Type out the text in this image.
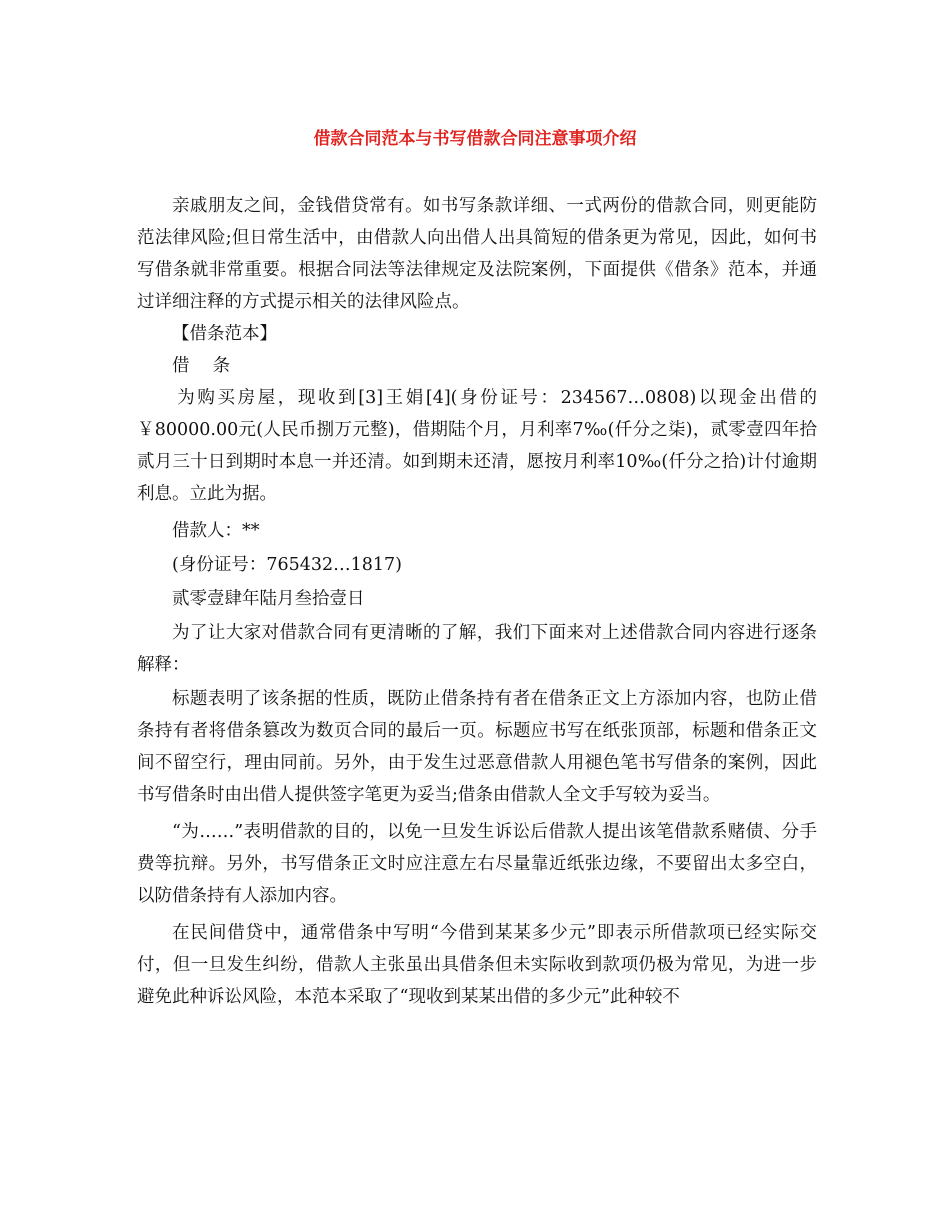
借款合同范本与书写借款合同注意事项介绍

亲戚朋友之间，金钱借贷常有。如书写条款详细、一式两份的借款合同，则更能防范法律风险;但日常生活中，由借款人向出借人出具简短的借条更为常见，因此，如何书写借条就非常重要。根据合同法等法律规定及法院案例，下面提供《借条》范本，并通过详细注释的方式提示相关的法律风险点。

【借条范本】

借 条

为购买房屋，现收到[3]王娟[4](身份证号：234567…0808)以现金出借的￥80000.00元(人民币捌万元整)，借期陆个月，月利率7‰(仟分之柒)，贰零壹四年拾贰月三十日到期时本息一并还清。如到期未还清，愿按月利率10‰(仟分之拾)计付逾期利息。立此为据。

借款人：**

(身份证号：765432…1817)

贰零壹肆年陆月叁拾壹日

为了让大家对借款合同有更清晰的了解，我们下面来对上述借款合同内容进行逐条解释：

标题表明了该条据的性质，既防止借条持有者在借条正文上方添加内容，也防止借条持有者将借条篡改为数页合同的最后一页。标题应书写在纸张顶部，标题和借条正文间不留空行，理由同前。另外，由于发生过恶意借款人用褪色笔书写借条的案例，因此书写借条时由出借人提供签字笔更为妥当;借条由借款人全文手写较为妥当。

“为……”表明借款的目的，以免一旦发生诉讼后借款人提出该笔借款系赌债、分手费等抗辩。另外，书写借条正文时应注意左右尽量靠近纸张边缘，不要留出太多空白，以防借条持有人添加内容。

在民间借贷中，通常借条中写明“今借到某某多少元”即表示所借款项已经实际交付，但一旦发生纠纷，借款人主张虽出具借条但未实际收到款项仍极为常见，为进一步避免此种诉讼风险，本范本采取了“现收到某某出借的多少元”此种较不
